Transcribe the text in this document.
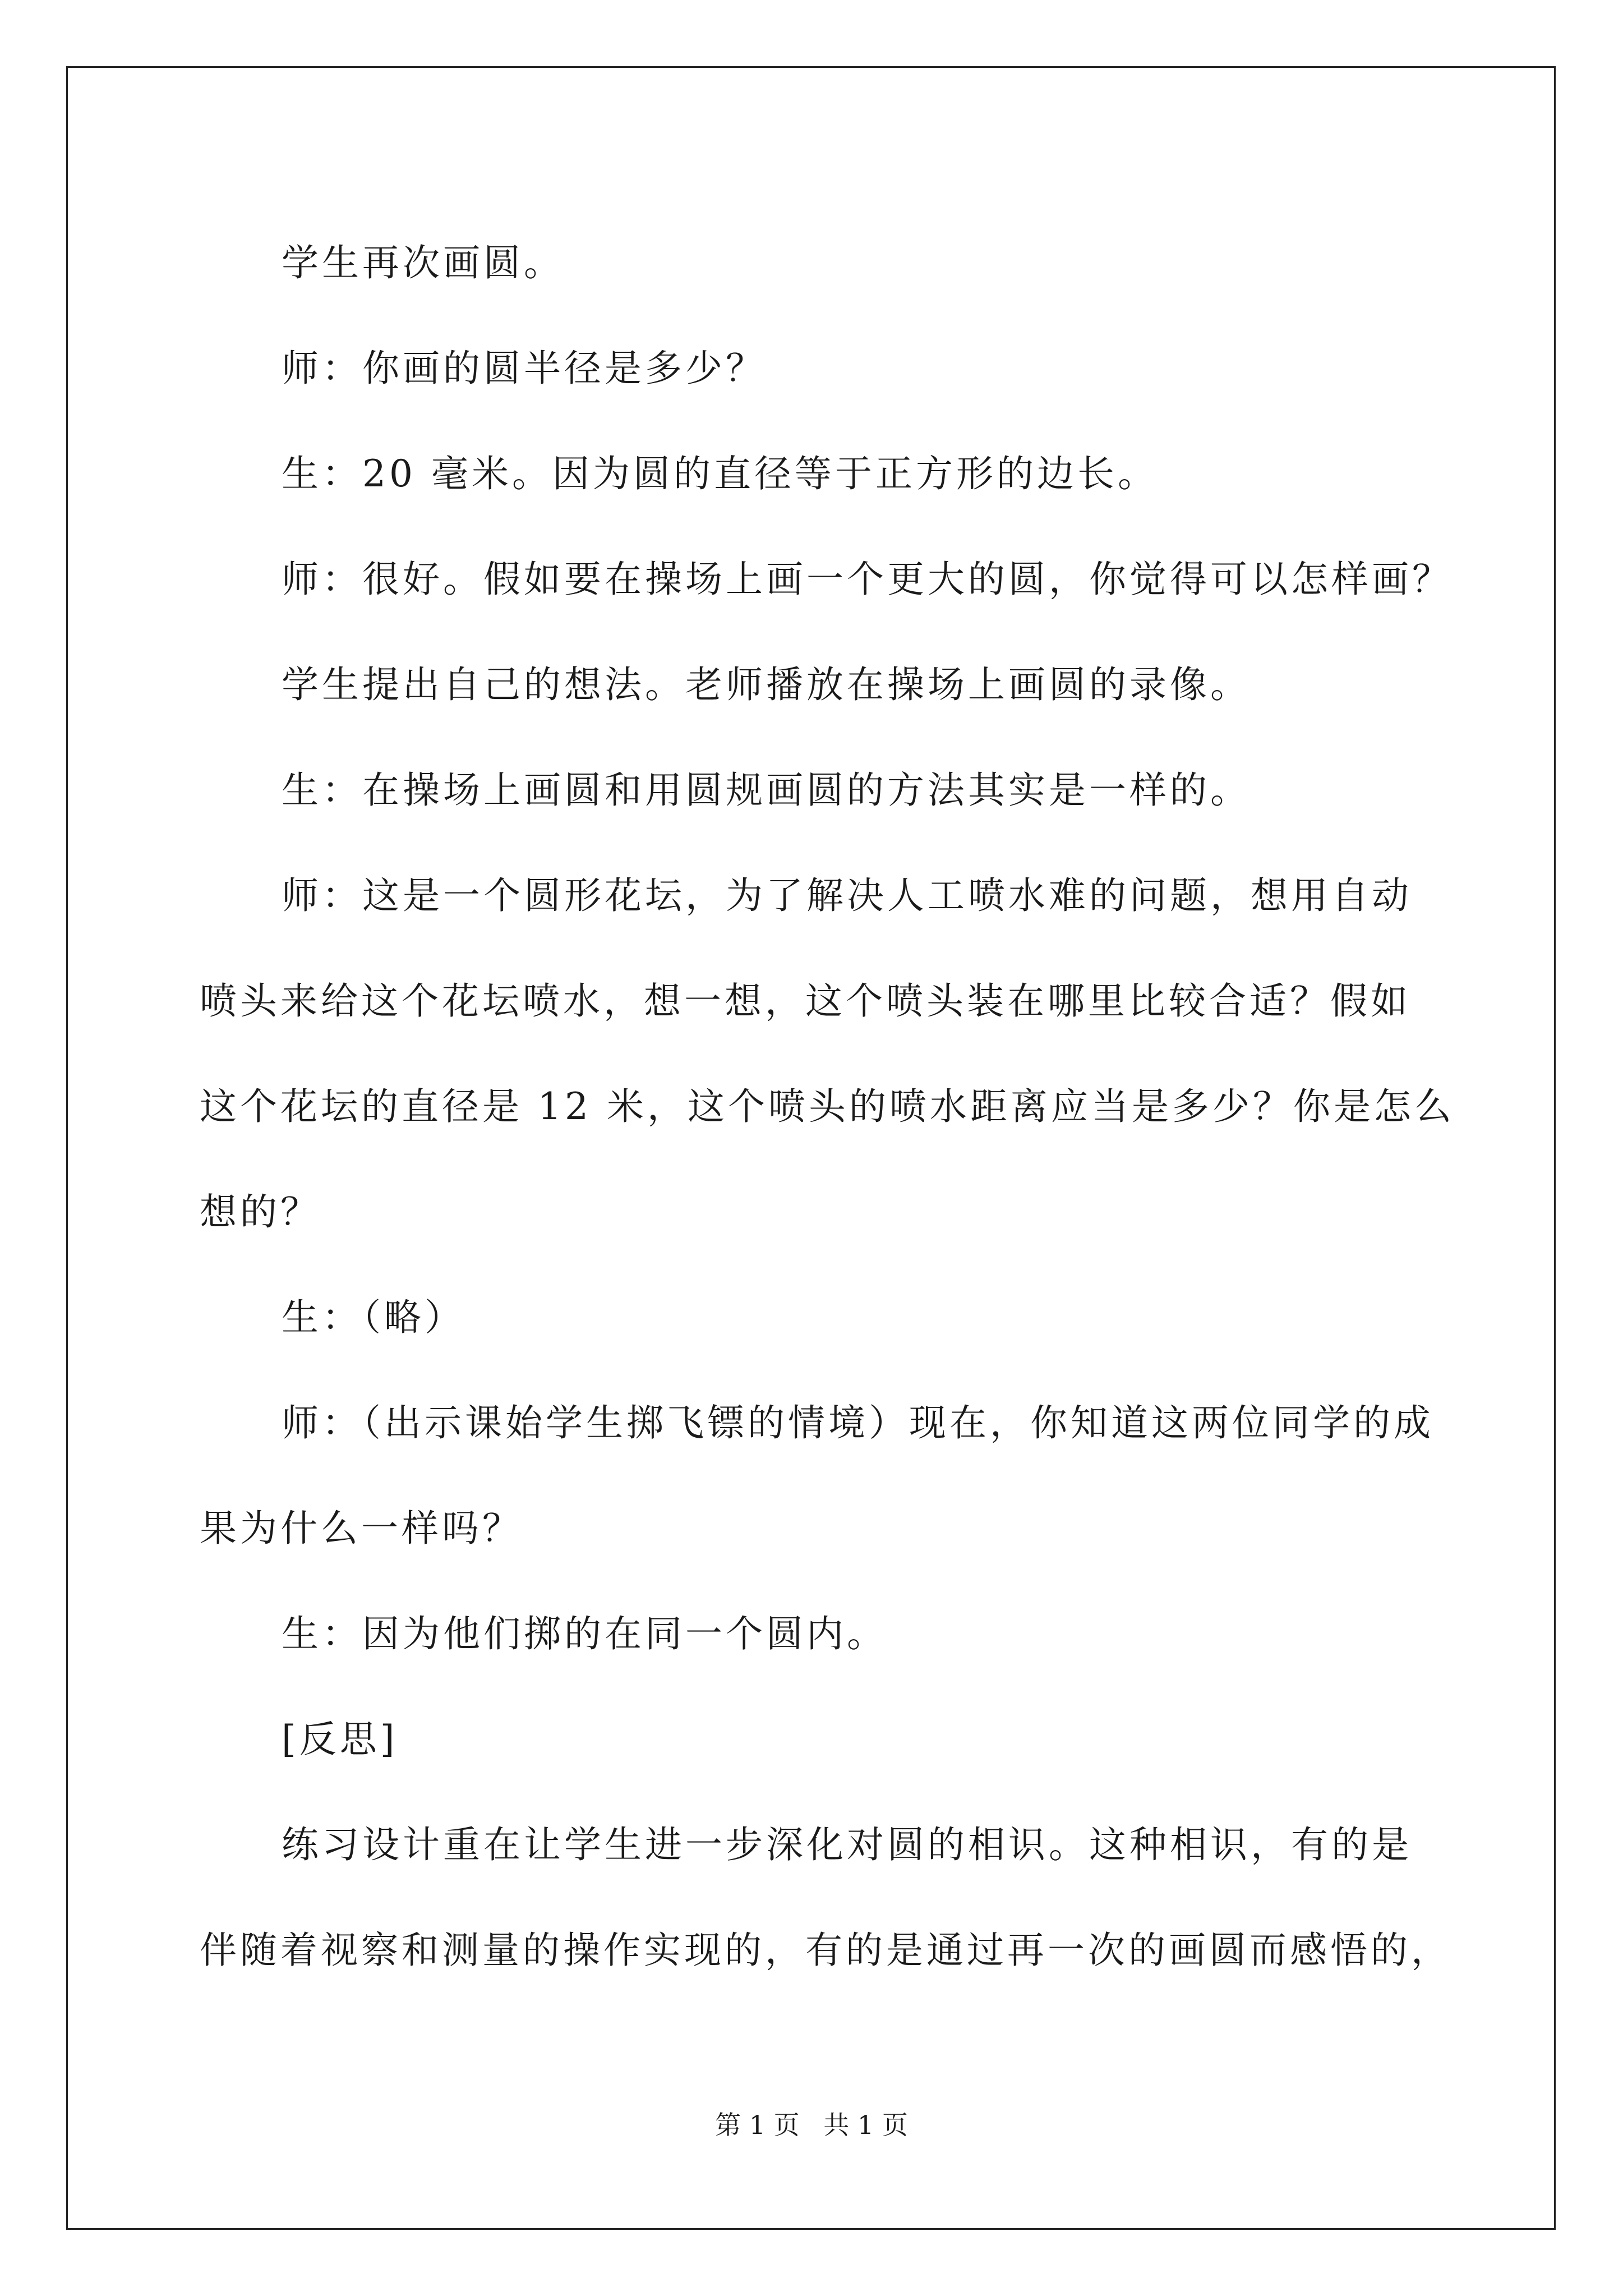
学生再次画圆。

师：你画的圆半径是多少？

生：20 毫米。因为圆的直径等于正方形的边长。

师：很好。假如要在操场上画一个更大的圆，你觉得可以怎样画？

学生提出自己的想法。老师播放在操场上画圆的录像。

生：在操场上画圆和用圆规画圆的方法其实是一样的。

师：这是一个圆形花坛，为了解决人工喷水难的问题，想用自动

喷头来给这个花坛喷水，想一想，这个喷头装在哪里比较合适？假如

这个花坛的直径是 12 米，这个喷头的喷水距离应当是多少？你是怎么

想的？

生：（略）

师：（出示课始学生掷飞镖的情境）现在，你知道这两位同学的成

果为什么一样吗？

生：因为他们掷的在同一个圆内。

[反思]

练习设计重在让学生进一步深化对圆的相识。这种相识，有的是

伴随着视察和测量的操作实现的，有的是通过再一次的画圆而感悟的，

第 1 页 共 1 页
